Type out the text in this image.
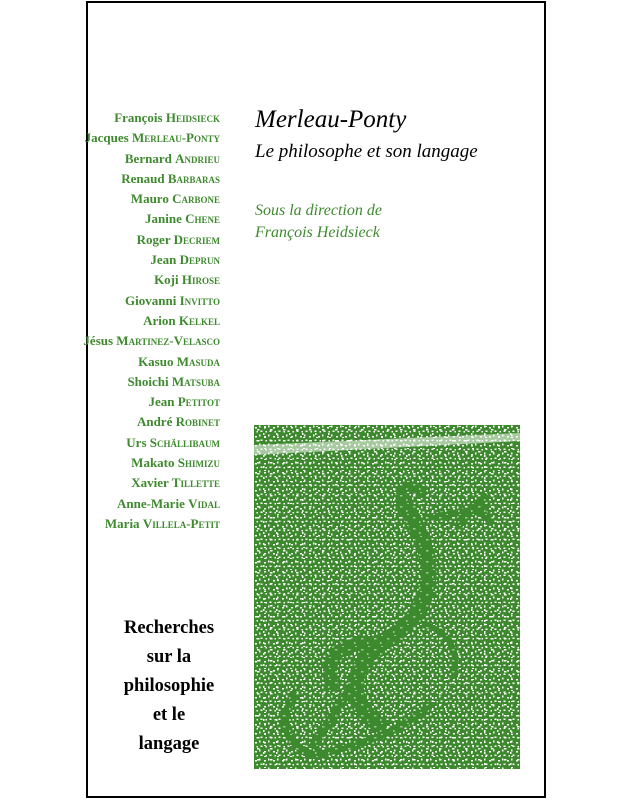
François Heidsieck
Jacques Merleau-Ponty
Bernard Andrieu
Renaud Barbaras
Mauro Carbone
Janine Chene
Roger Decriem
Jean Deprun
Koji Hirose
Giovanni Invitto
Arion Kelkel
Jésus Martinez-Velasco
Kasuo Masuda
Shoichi Matsuba
Jean Petitot
André Robinet
Urs Schällibaum
Makato Shimizu
Xavier Tillette
Anne-Marie Vidal
Maria Villela-Petit
Merleau-Ponty
Le philosophe et son langage
Sous la direction de
François Heidsieck
Recherches
sur la
philosophie
et le
langage
